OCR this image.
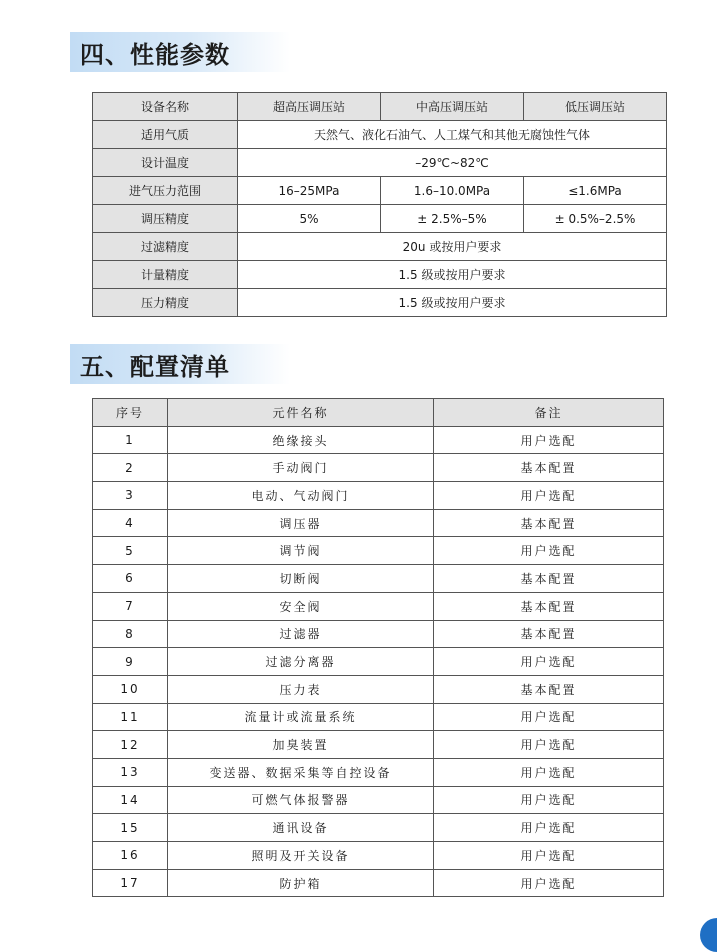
四、性能参数
设备名称	超高压调压站	中高压调压站	低压调压站
适用气质	天然气、液化石油气、人工煤气和其他无腐蚀性气体		
设计温度	–29℃~82℃		
进气压力范围	16–25MPa	1.6–10.0MPa	≤1.6MPa
调压精度	5%	± 2.5%–5%	± 0.5%–2.5%
过滤精度	20u 或按用户要求		
计量精度	1.5 级或按用户要求		
压力精度	1.5 级或按用户要求		
五、配置清单
序号	元件名称	备注
1	绝缘接头	用户选配
2	手动阀门	基本配置
3	电动、气动阀门	用户选配
4	调压器	基本配置
5	调节阀	用户选配
6	切断阀	基本配置
7	安全阀	基本配置
8	过滤器	基本配置
9	过滤分离器	用户选配
10	压力表	基本配置
11	流量计或流量系统	用户选配
12	加臭装置	用户选配
13	变送器、数据采集等自控设备	用户选配
14	可燃气体报警器	用户选配
15	通讯设备	用户选配
16	照明及开关设备	用户选配
17	防护箱	用户选配
